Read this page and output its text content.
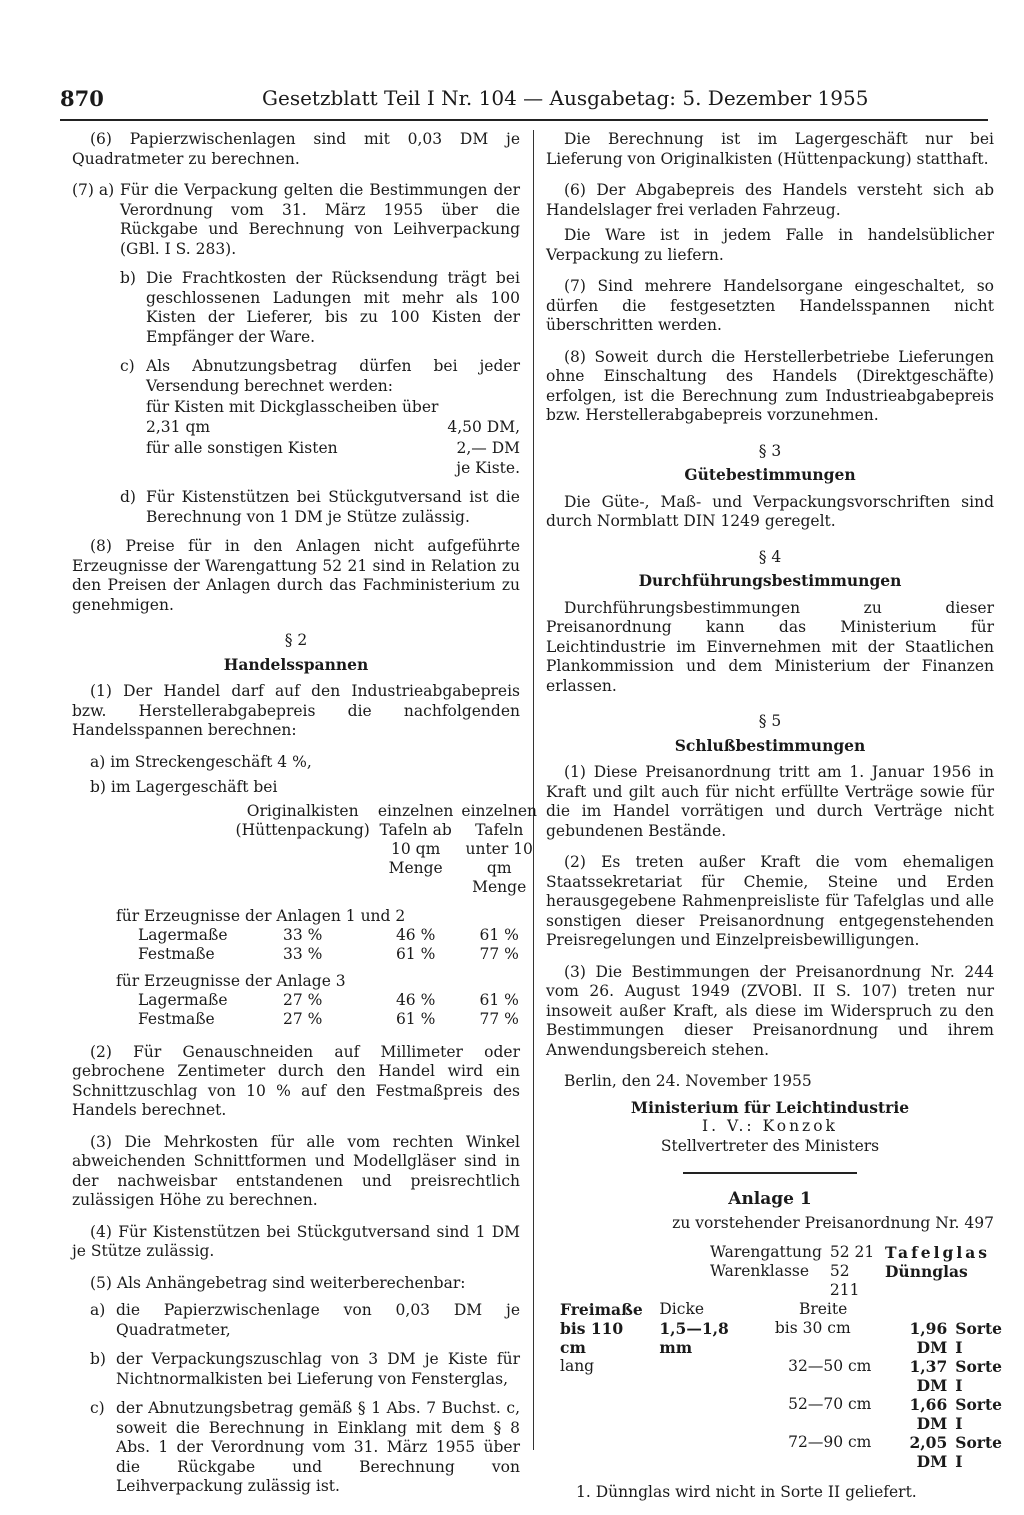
870	Gesetzblatt Teil I Nr. 104 — Ausgabetag: 5. Dezember 1955

(6) Papierzwischenlagen sind mit 0,03 DM je Quadratmeter zu berechnen.

(7) a) Für die Verpackung gelten die Bestimmungen der Verordnung vom 31. März 1955 über die Rückgabe und Berechnung von Leihverpackung (GBl. I S. 283).
b) Die Frachtkosten der Rücksendung trägt bei geschlossenen Ladungen mit mehr als 100 Kisten der Lieferer, bis zu 100 Kisten der Empfänger der Ware.
c) Als Abnutzungsbetrag dürfen bei jeder Versendung berechnet werden:
für Kisten mit Dickglasscheiben über 2,31 qm	4,50 DM,
für alle sonstigen Kisten	2,— DM je Kiste.
d) Für Kistenstützen bei Stückgutversand ist die Berechnung von 1 DM je Stütze zulässig.

(8) Preise für in den Anlagen nicht aufgeführte Erzeugnisse der Warengattung 52 21 sind in Relation zu den Preisen der Anlagen durch das Fachministerium zu genehmigen.

§ 2
Handelsspannen

(1) Der Handel darf auf den Industrieabgabepreis bzw. Herstellerabgabepreis die nachfolgenden Handelsspannen berechnen:

a) im Streckengeschäft 4 %,

b) im Lagergeschäft bei

	Originalkisten (Hüttenpackung)	einzelnen Tafeln ab 10 qm Menge	einzelnen Tafeln unter 10 qm Menge

für Erzeugnisse der Anlagen 1 und 2			
Lagermaße	33 %	46 %	61 %
Festmaße	33 %	61 %	77 %

für Erzeugnisse der Anlage 3			
Lagermaße	27 %	46 %	61 %
Festmaße	27 %	61 %	77 %

(2) Für Genauschneiden auf Millimeter oder gebrochene Zentimeter durch den Handel wird ein Schnittzuschlag von 10 % auf den Festmaßpreis des Handels berechnet.

(3) Die Mehrkosten für alle vom rechten Winkel abweichenden Schnittformen und Modellgläser sind in der nachweisbar entstandenen und preisrechtlich zulässigen Höhe zu berechnen.

(4) Für Kistenstützen bei Stückgutversand sind 1 DM je Stütze zulässig.

(5) Als Anhängebetrag sind weiterberechenbar:

a) die Papierzwischenlage von 0,03 DM je Quadratmeter,
b) der Verpackungszuschlag von 3 DM je Kiste für Nichtnormalkisten bei Lieferung von Fensterglas,
c) der Abnutzungsbetrag gemäß § 1 Abs. 7 Buchst. c, soweit die Berechnung in Einklang mit dem § 8 Abs. 1 der Verordnung vom 31. März 1955 über die Rückgabe und Berechnung von Leihverpackung zulässig ist.

Die Berechnung ist im Lagergeschäft nur bei Lieferung von Originalkisten (Hüttenpackung) statthaft.

(6) Der Abgabepreis des Handels versteht sich ab Handelslager frei verladen Fahrzeug.

Die Ware ist in jedem Falle in handelsüblicher Verpackung zu liefern.

(7) Sind mehrere Handelsorgane eingeschaltet, so dürfen die festgesetzten Handelsspannen nicht überschritten werden.

(8) Soweit durch die Herstellerbetriebe Lieferungen ohne Einschaltung des Handels (Direktgeschäfte) erfolgen, ist die Berechnung zum Industrieabgabepreis bzw. Herstellerabgabepreis vorzunehmen.

§ 3
Gütebestimmungen

Die Güte-, Maß- und Verpackungsvorschriften sind durch Normblatt DIN 1249 geregelt.

§ 4
Durchführungsbestimmungen

Durchführungsbestimmungen zu dieser Preisanordnung kann das Ministerium für Leichtindustrie im Einvernehmen mit der Staatlichen Plankommission und dem Ministerium der Finanzen erlassen.

§ 5
Schlußbestimmungen

(1) Diese Preisanordnung tritt am 1. Januar 1956 in Kraft und gilt auch für nicht erfüllte Verträge sowie für die im Handel vorrätigen und durch Verträge nicht gebundenen Bestände.

(2) Es treten außer Kraft die vom ehemaligen Staatssekretariat für Chemie, Steine und Erden herausgegebene Rahmenpreisliste für Tafelglas und alle sonstigen dieser Preisanordnung entgegenstehenden Preisregelungen und Einzelpreisbewilligungen.

(3) Die Bestimmungen der Preisanordnung Nr. 244 vom 26. August 1949 (ZVOBl. II S. 107) treten nur insoweit außer Kraft, als diese im Widerspruch zu den Bestimmungen dieser Preisanordnung und ihrem Anwendungsbereich stehen.

Berlin, den 24. November 1955

Ministerium für Leichtindustrie
I. V.: Konzok
Stellvertreter des Ministers
Anlage 1
zu vorstehender Preisanordnung Nr. 497
Warengattung	52 21	Tafelglas
Warenklasse	52 211	Dünnglas
Freimaße	Dicke	Breite		
bis 110 cm	1,5—1,8 mm	bis 30 cm	1,96 DM	Sorte I
lang		32—50 cm	1,37 DM	Sorte I
		52—70 cm	1,66 DM	Sorte I
		72—90 cm	2,05 DM	Sorte I

1. Dünnglas wird nicht in Sorte II geliefert.
